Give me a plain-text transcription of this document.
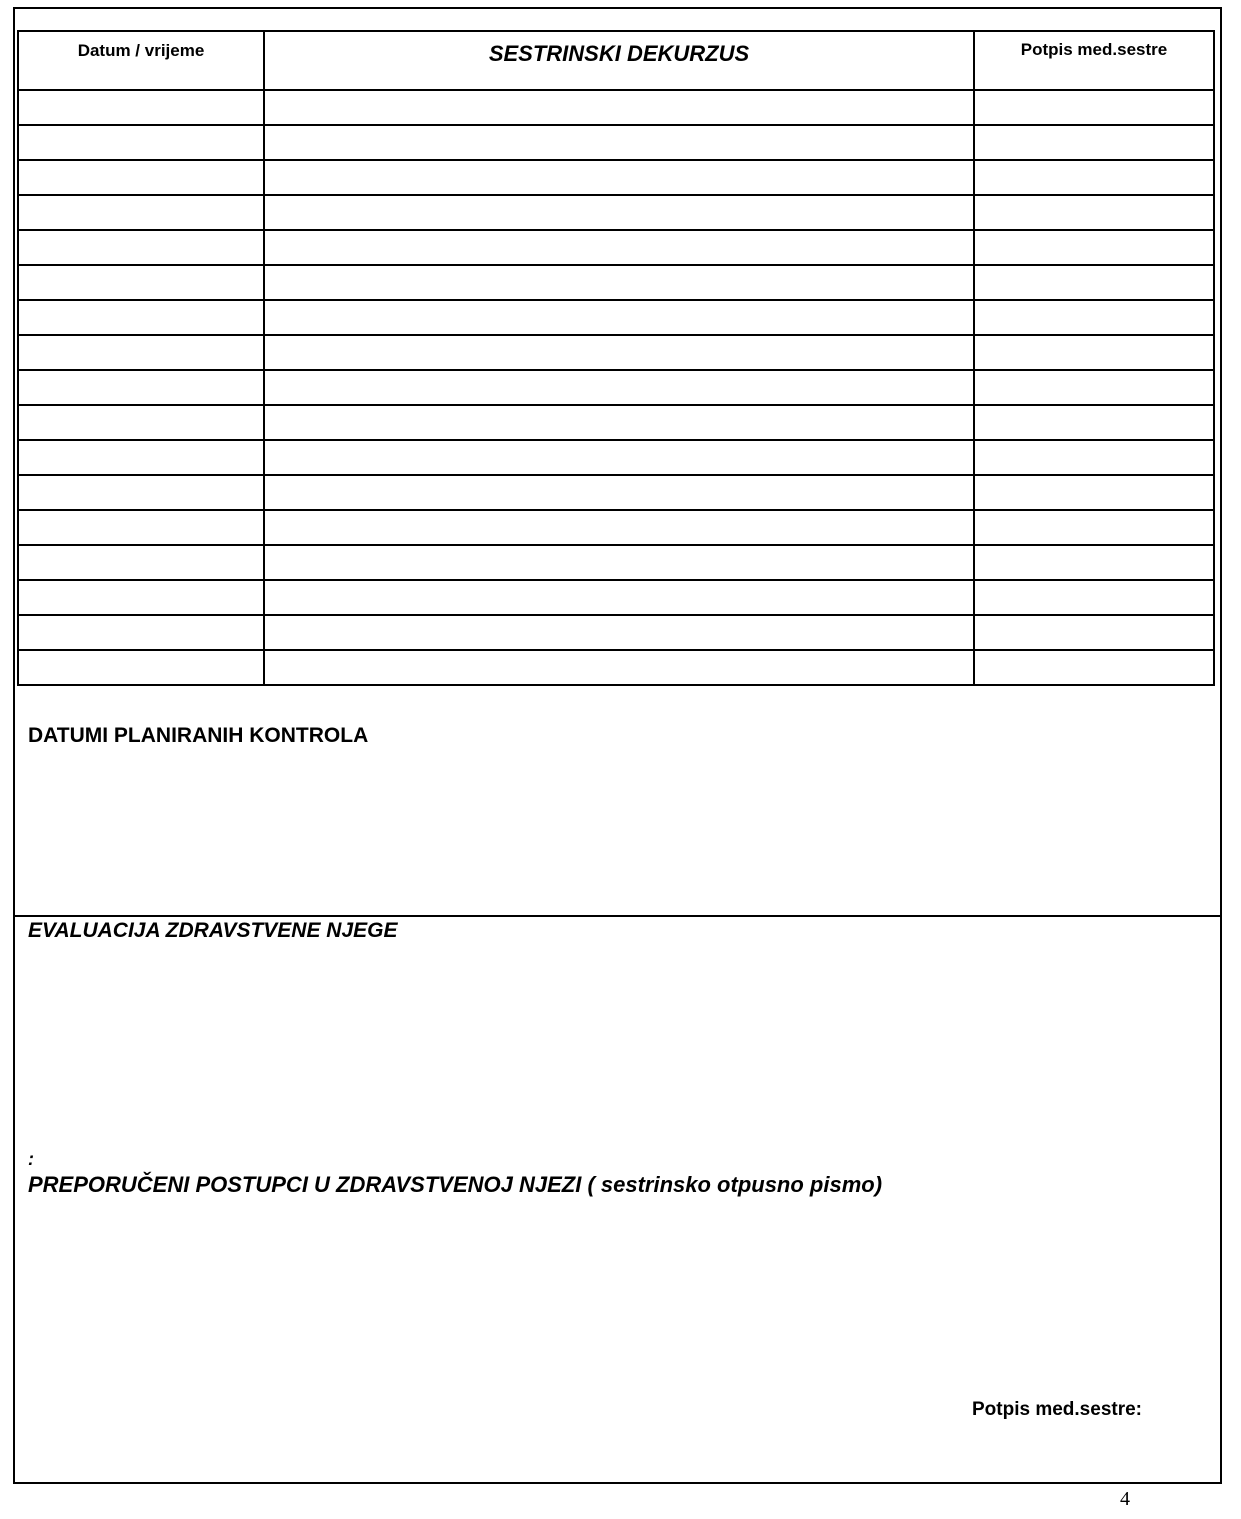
Datum / vrijeme	SESTRINSKI DEKURZUS	Potpis med.sestre

DATUMI PLANIRANIH KONTROLA
EVALUACIJA ZDRAVSTVENE NJEGE
:
PREPORUČENI POSTUPCI U ZDRAVSTVENOJ NJEZI ( sestrinsko otpusno pismo)
Potpis med.sestre:
4
